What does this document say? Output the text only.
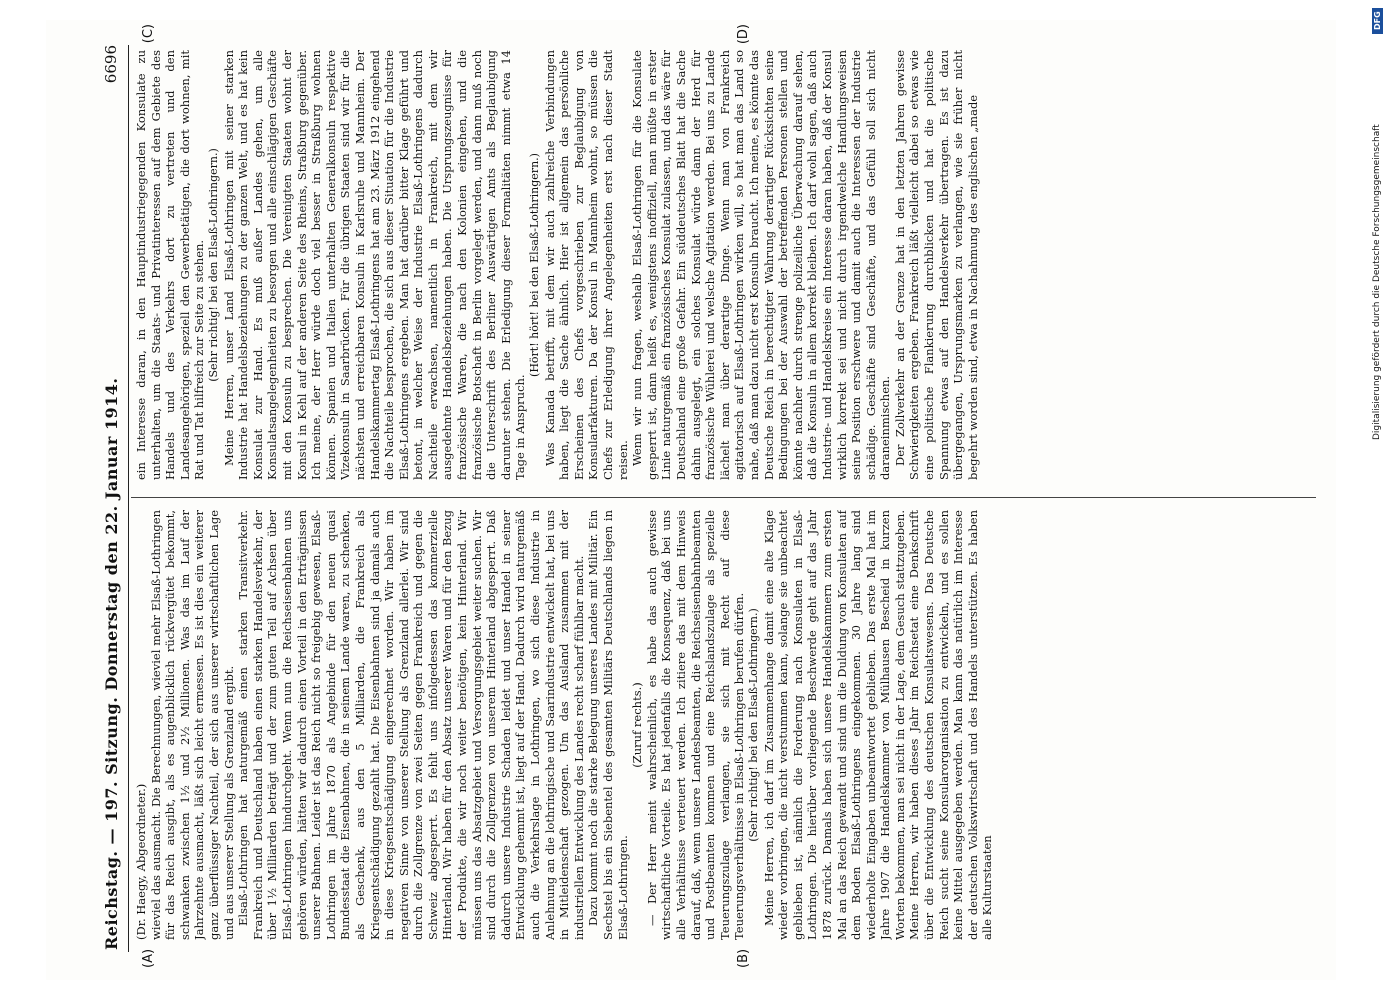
Reichstag. — 197. Sitzung. Donnerstag den 22. Januar 1914.
6696
(A)	(B)
(C)	(D)

(Dr. Haegy, Abgeordneter.) wieviel das ausmacht. Die Berechnungen, wieviel mehr Elsaß-Lothringen für das Reich ausgibt, als es augenblicklich rückvergütet bekommt, schwanken zwischen 1½ und 2½ Millionen. Was das im Lauf der Jahrzehnte ausmacht, läßt sich leicht ermessen. Es ist dies ein weiterer ganz überflüssiger Nachteil, der sich aus unserer wirtschaftlichen Lage und aus unserer Stellung als Grenzland ergibt. Elsaß-Lothringen hat naturgemäß einen starken Transitverkehr. Frankreich und Deutschland haben einen starken Handelsverkehr, der über 1½ Milliarden beträgt und der zum guten Teil auf Achsen über Elsaß-Lothringen hindurchgeht. Wenn nun die Reichseisenbahnen uns gehören würden, hätten wir dadurch einen Vorteil in den Erträgnissen unserer Bahnen. Leider ist das Reich nicht so freigebig gewesen, Elsaß-Lothringen im Jahre 1870 als Angebinde für den neuen quasi Bundesstaat die Eisenbahnen, die in seinem Lande waren, zu schenken, als Geschenk, aus den 5 Milliarden, die Frankreich als Kriegsentschädigung gezahlt hat. Die Eisenbahnen sind ja damals auch in diese Kriegsentschädigung eingerechnet worden. Wir haben im negativen Sinne von unserer Stellung als Grenzland allerlei. Wir sind durch die Zollgrenze von zwei Seiten gegen Frankreich und gegen die Schweiz abgesperrt. Es fehlt uns infolgedessen das kommerzielle Hinterland. Wir haben für den Absatz unserer Waren und für den Bezug der Produkte, die wir noch weiter benötigen, kein Hinterland. Wir müssen uns das Absatzgebiet und Versorgungsgebiet weiter suchen. Wir sind durch die Zollgrenzen von unserem Hinterland abgesperrt. Daß dadurch unsere Industrie Schaden leidet und unser Handel in seiner Entwicklung gehemmt ist, liegt auf der Hand. Dadurch wird naturgemäß auch die Verkehrslage in Lothringen, wo sich diese Industrie in Anlehnung an die lothringische und Saarindustrie entwickelt hat, bei uns in Mitleidenschaft gezogen. Um das Ausland zusammen mit der industriellen Entwicklung des Landes recht scharf fühlbar macht. Dazu kommt noch die starke Belegung unseres Landes mit Militär. Ein Sechstel bis ein Siebentel des gesamten Militärs Deutschlands liegen in Elsaß-Lothringen.

(Zuruf rechts.) — Der Herr meint wahrscheinlich, es habe das auch gewisse wirtschaftliche Vorteile. Es hat jedenfalls die Konsequenz, daß bei uns alle Verhältnisse verteuert werden. Ich zitiere das mit dem Hinweis darauf, daß, wenn unsere Landesbeamten, die Reichseisenbahnbeamten und Postbeamten kommen und eine Reichslandszulage als spezielle Teuerungszulage verlangen, sie sich mit Recht auf diese Teuerungsverhältnisse in Elsaß-Lothringen berufen dürfen. (Sehr richtig! bei den Elsaß-Lothringern.) Meine Herren, ich darf im Zusammenhange damit eine alte Klage wieder vorbringen, die nicht verstummen kann, solange sie unbeachtet geblieben ist, nämlich die Forderung nach Konsulaten in Elsaß-Lothringen. Die hierüber vorliegende Beschwerde geht auf das Jahr 1878 zurück. Damals haben sich unsere Handelskammern zum ersten Mal an das Reich gewandt und sind um die Duldung von Konsulaten auf dem Boden Elsaß-Lothringens eingekommen. 30 Jahre lang sind wiederholte Eingaben unbeantwortet geblieben. Das erste Mal hat im Jahre 1907 die Handelskammer von Mülhausen Bescheid in kurzen Worten bekommen, man sei nicht in der Lage, dem Gesuch stattzugeben. Meine Herren, wir haben dieses Jahr im Reichsetat eine Denkschrift über die Entwicklung des deutschen Konsulatswesens. Das Deutsche Reich sucht seine Konsularorganisation zu entwickeln, und es sollen keine Mittel ausgegeben werden. Man kann das natürlich im Interesse der deutschen Volkswirtschaft und des Handels unterstützen. Es haben alle Kulturstaaten

ein Interesse daran, in den Hauptindustriegegenden Konsulate zu unterhalten, um die Staats- und Privatinteressen auf dem Gebiete des Handels und des Verkehrs dort zu vertreten und den Landesangehörigen, speziell den Gewerbetätigen, die dort wohnen, mit Rat und Tat hilfreich zur Seite zu stehen. (Sehr richtig! bei den Elsaß-Lothringern.) Meine Herren, unser Land Elsaß-Lothringen mit seiner starken Industrie hat Handelsbeziehungen zu der ganzen Welt, und es hat kein Konsulat zur Hand. Es muß außer Landes gehen, um alle Konsulatsangelegenheiten zu besorgen und alle einschlägigen Geschäfte mit den Konsuln zu besprechen. Die Vereinigten Staaten wohnt der Konsul in Kehl auf der anderen Seite des Rheins, Straßburg gegenüber. Ich meine, der Herr würde doch viel besser in Straßburg wohnen können. Spanien und Italien unterhalten Generalkonsuln respektive Vizekonsuln in Saarbrücken. Für die übrigen Staaten sind wir für die nächsten und erreichbaren Konsuln in Karlsruhe und Mannheim. Der Handelskammertag Elsaß-Lothringens hat am 23. März 1912 eingehend die Nachteile besprochen, die sich aus dieser Situation für die Industrie Elsaß-Lothringens ergeben. Man hat darüber bitter Klage geführt und betont, in welcher Weise der Industrie Elsaß-Lothringens dadurch Nachteile erwachsen, namentlich in Frankreich, mit dem wir ausgedehnte Handelsbeziehungen haben. Die Ursprungszeugnisse für französische Waren, die nach den Kolonien eingehen, und die französische Botschaft in Berlin vorgelegt werden, und dann muß noch die Unterschrift des Berliner Auswärtigen Amts als Beglaubigung darunter stehen. Die Erledigung dieser Formalitäten nimmt etwa 14 Tage in Anspruch.

(Hört! hört! bei den Elsaß-Lothringern.) Was Kanada betrifft, mit dem wir auch zahlreiche Verbindungen haben, liegt die Sache ähnlich. Hier ist allgemein das persönliche Erscheinen des Chefs vorgeschrieben zur Beglaubigung von Konsularfakturen. Da der Konsul in Mannheim wohnt, so müssen die Chefs zur Erledigung ihrer Angelegenheiten erst nach dieser Stadt reisen. Wenn wir nun fragen, weshalb Elsaß-Lothringen für die Konsulate gesperrt ist, dann heißt es, wenigstens inoffiziell, man müßte in erster Linie naturgemäß ein französisches Konsulat zulassen, und das wäre für Deutschland eine große Gefahr. Ein süddeutsches Blatt hat die Sache dahin ausgelegt, ein solches Konsulat würde dann der Herd für französische Wühlerei und welsche Agitation werden. Bei uns zu Lande lächelt man über derartige Dinge. Wenn man von Frankreich agitatorisch auf Elsaß-Lothringen wirken will, so hat man das Land so nahe, daß man dazu nicht erst Konsuln braucht. Ich meine, es könnte das Deutsche Reich in berechtigter Wahrung derartiger Rücksichten seine Bedingungen bei der Auswahl der betreffenden Personen stellen und könnte nachher durch strenge polizeiliche Überwachung darauf sehen, daß die Konsuln in allem korrekt bleiben. Ich darf wohl sagen, daß auch Industrie- und Handelskreise ein Interesse daran haben, daß der Konsul wirklich korrekt sei und nicht durch irgendwelche Handlungsweisen seine Position erschwere und damit auch die Interessen der Industrie schädige. Geschäfte sind Geschäfte, und das Gefühl soll sich nicht daraneinmischen. Der Zollverkehr an der Grenze hat in den letzten Jahren gewisse Schwierigkeiten ergeben. Frankreich läßt vielleicht dabei so etwas wie eine politische Flankierung durchblicken und hat die politische Spannung etwas auf den Handelsverkehr übertragen. Es ist dazu übergegangen, Ursprungsmarken zu verlangen, wie sie früher nicht begehrt worden sind, etwa in Nachahmung des englischen „made

DFG
Digitalisierung gefördert durch die Deutsche Forschungsgemeinschaft
